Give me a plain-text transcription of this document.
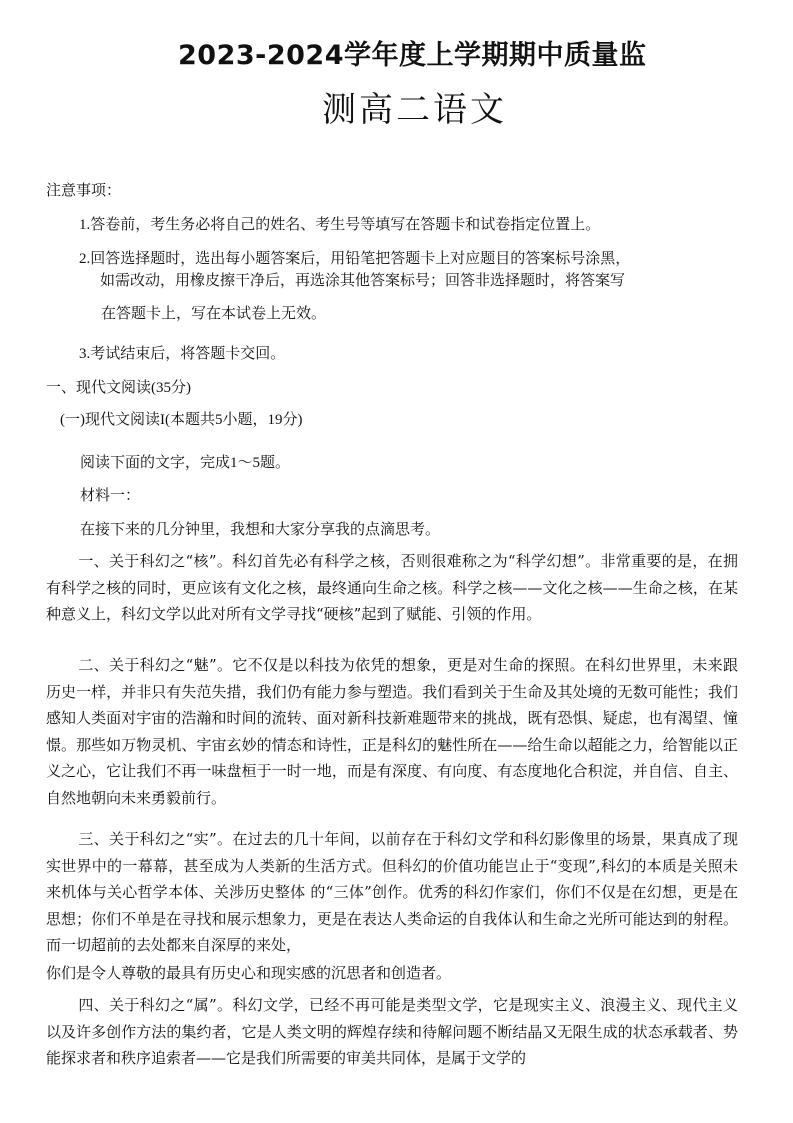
2023-2024学年度上学期期中质量监
测高二语文
注意事项：
1.答卷前，考生务必将自己的姓名、考生号等填写在答题卡和试卷指定位置上。
2.回答选择题时，选出每小题答案后，用铅笔把答题卡上对应题目的答案标号涂黑，
如需改动，用橡皮擦干净后，再选涂其他答案标号；回答非选择题时，将答案写
在答题卡上，写在本试卷上无效。
3.考试结束后，将答题卡交回。
一、现代文阅读(35分)
(一)现代文阅读I(本题共5小题，19分)
阅读下面的文字，完成1～5题。
材料一：
在接下来的几分钟里，我想和大家分享我的点滴思考。
一、关于科幻之“核”。科幻首先必有科学之核，否则很难称之为“科学幻想”。非常重要的是，在拥有科学之核的同时，更应该有文化之核，最终通向生命之核。科学之核——文化之核——生命之核，在某种意义上，科幻文学以此对所有文学寻找“硬核”起到了赋能、引领的作用。
二、关于科幻之“魅”。它不仅是以科技为依凭的想象，更是对生命的探照。在科幻世界里，未来跟历史一样，并非只有失范失措，我们仍有能力参与塑造。我们看到关于生命及其处境的无数可能性；我们感知人类面对宇宙的浩瀚和时间的流转、面对新科技新难题带来的挑战，既有恐惧、疑虑，也有渴望、憧憬。那些如万物灵机、宇宙玄妙的情态和诗性，正是科幻的魅性所在——给生命以超能之力，给智能以正义之心，它让我们不再一味盘桓于一时一地，而是有深度、有向度、有态度地化合积淀，并自信、自主、自然地朝向未来勇毅前行。
三、关于科幻之“实”。在过去的几十年间，以前存在于科幻文学和科幻影像里的场景，果真成了现实世界中的一幕幕，甚至成为人类新的生活方式。但科幻的价值功能岂止于“变现”,科幻的本质是关照未来机体与关心哲学本体、关涉历史整体 的“三体”创作。优秀的科幻作家们，你们不仅是在幻想，更是在思想；你们不单是在寻找和展示想象力，更是在表达人类命运的自我体认和生命之光所可能达到的射程。而一切超前的去处都来自深厚的来处，
你们是令人尊敬的最具有历史心和现实感的沉思者和创造者。
四、关于科幻之“属”。科幻文学，已经不再可能是类型文学，它是现实主义、浪漫主义、现代主义以及许多创作方法的集约者，它是人类文明的辉煌存续和待解问题不断结晶又无限生成的状态承载者、势能探求者和秩序追索者——它是我们所需要的审美共同体，是属于文学的
